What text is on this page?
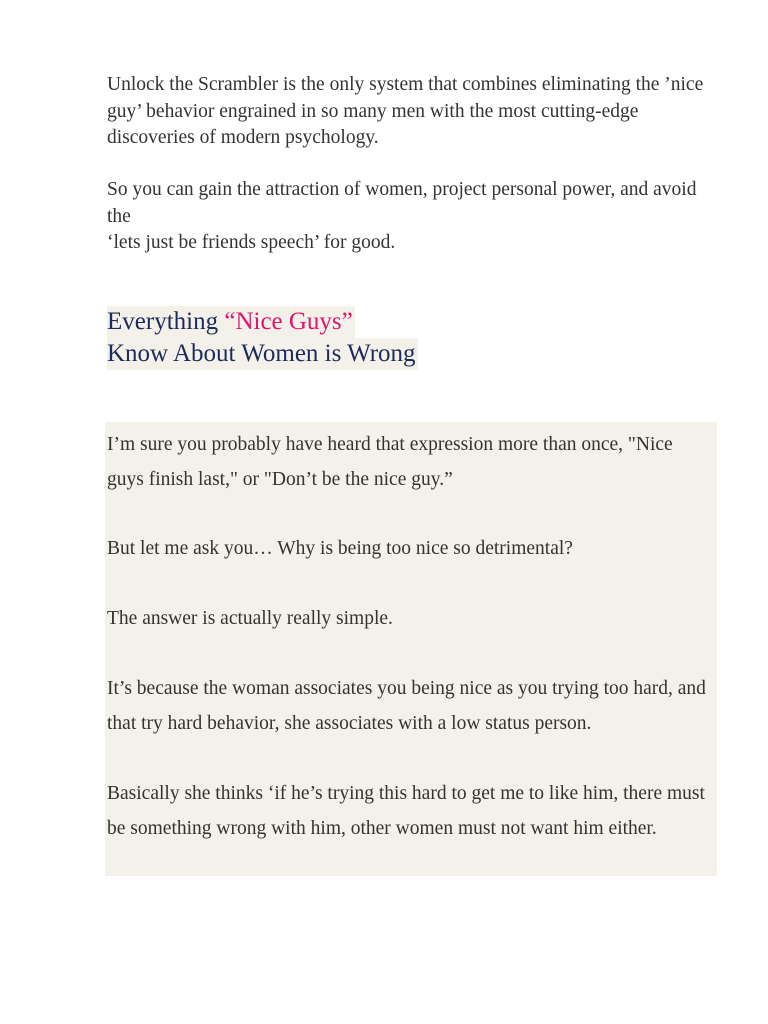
Unlock the Scrambler is the only system that combines eliminating the ’nice guy’ behavior engrained in so many men with the most cutting-edge discoveries of modern psychology.

So you can gain the attraction of women, project personal power, and avoid the
‘lets just be friends speech’ for good.

Everything “Nice Guys”
Know About Women is Wrong

I’m sure you probably have heard that expression more than once, "Nice guys finish last," or "Don’t be the nice guy.”

But let me ask you… Why is being too nice so detrimental?

The answer is actually really simple.

It’s because the woman associates you being nice as you trying too hard, and that try hard behavior, she associates with a low status person.

Basically she thinks ‘if he’s trying this hard to get me to like him, there must be something wrong with him, other women must not want him either.
